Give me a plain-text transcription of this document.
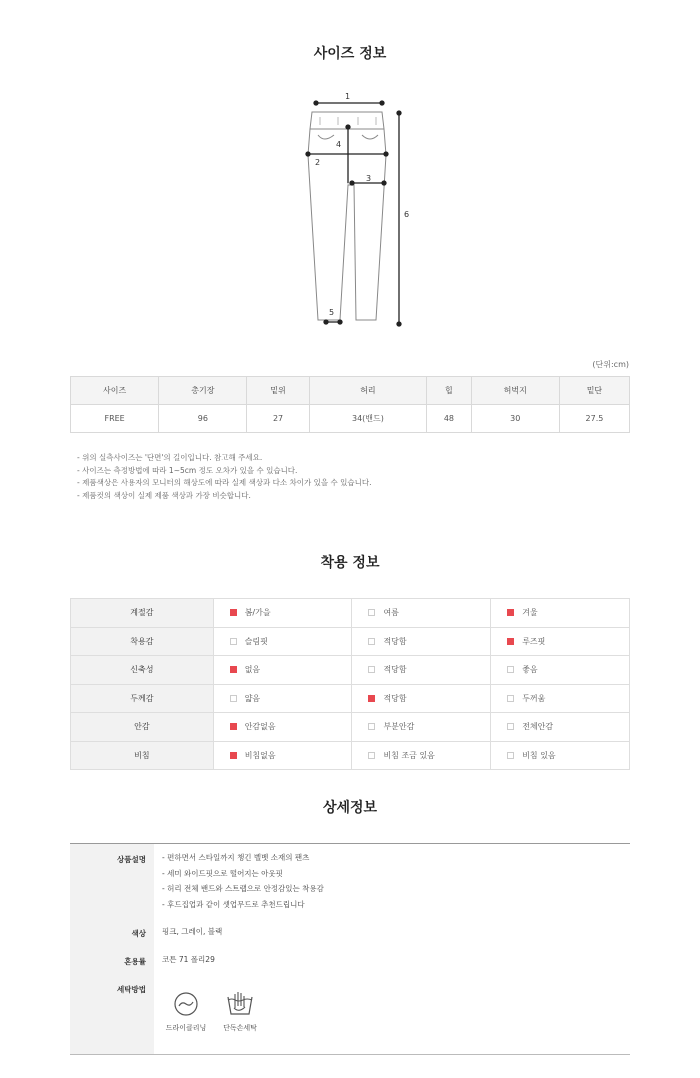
사이즈 정보
1
2
3
4
5
6
(단위:cm)
사이즈	총기장	밑위	허리	힙	허벅지	밑단
FREE	96	27	34(밴드)	48	30	27.5
- 위의 실측사이즈는 '단면'의 길이입니다. 참고해 주세요.
- 사이즈는 측정방법에 따라 1~5cm 정도 오차가 있을 수 있습니다.
- 제품색상은 사용자의 모니터의 해상도에 따라 실제 색상과 다소 차이가 있을 수 있습니다.
- 제품컷의 색상이 실제 제품 색상과 가장 비슷합니다.
착용 정보
계절감	봄/가을	여름	겨울
착용감	슬림핏	적당함	루즈핏
신축성	없음	적당함	좋음
두께감	얇음	적당함	두꺼움
안감	안감없음	부분안감	전체안감
비침	비침없음	비침 조금 있음	비침 있음
상세정보
상품설명 - 편하면서 스타일까지 챙긴 벨벳 소재의 팬츠
- 세미 와이드핏으로 떨어지는 아웃핏
- 허리 전체 밴드와 스트랩으로 안정감있는 착용감
- 후드집업과 같이 셋업무드로 추천드립니다
색상 핑크, 그레이, 블랙
혼용률 코튼 71 폴리29
세탁방법
드라이클리닝	단독손세탁
